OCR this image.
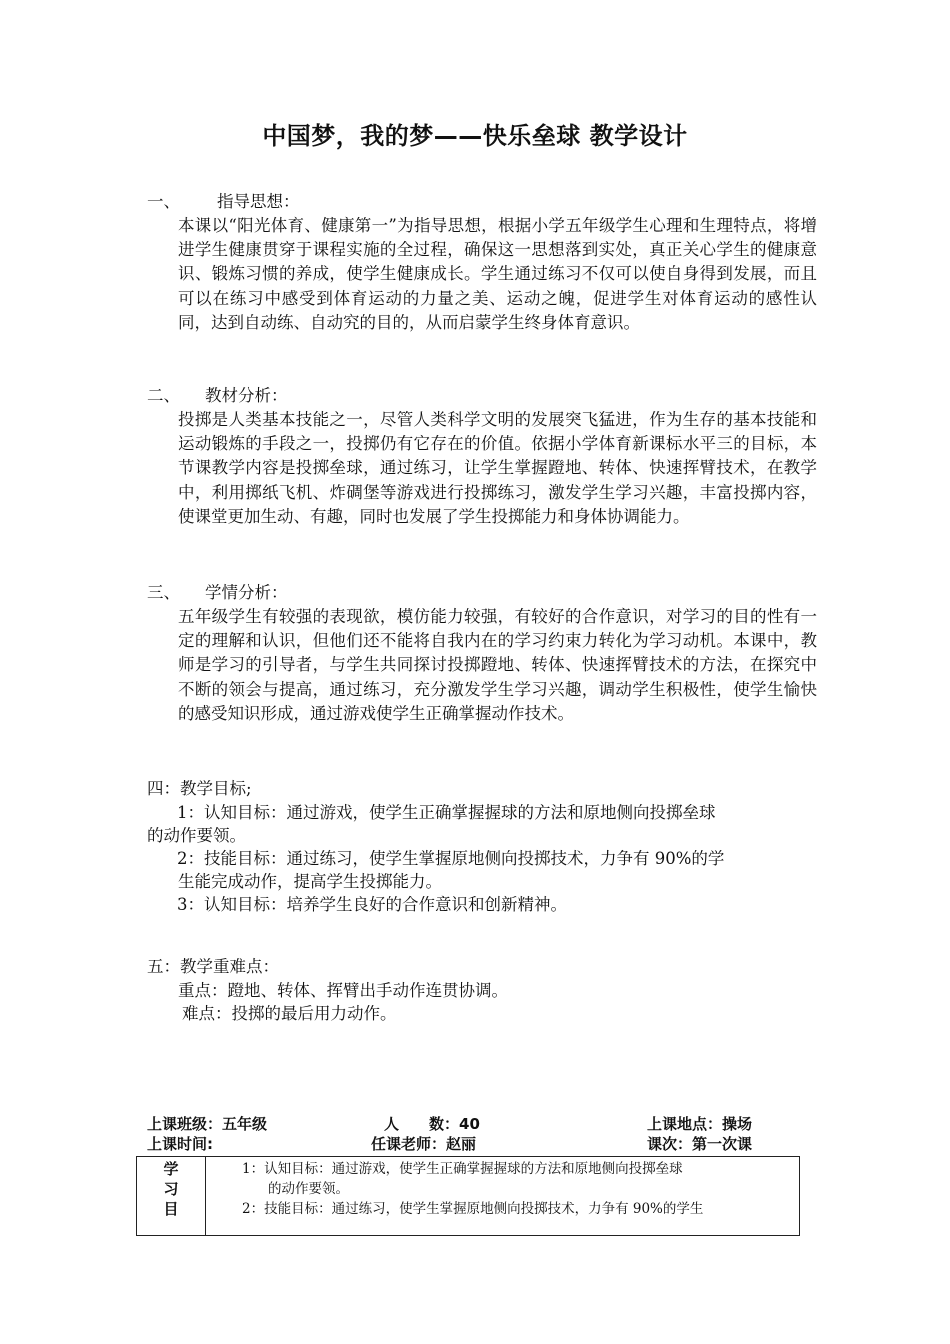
中国梦，我的梦——快乐垒球 教学设计
一、 指导思想：
本课以“阳光体育、健康第一”为指导思想，根据小学五年级学生心理和生理特点，将增进学生健康贯穿于课程实施的全过程，确保这一思想落到实处，真正关心学生的健康意识、锻炼习惯的养成，使学生健康成长。学生通过练习不仅可以使自身得到发展，而且可以在练习中感受到体育运动的力量之美、运动之魄，促进学生对体育运动的感性认同，达到自动练、自动究的目的，从而启蒙学生终身体育意识。
二、 教材分析：
投掷是人类基本技能之一，尽管人类科学文明的发展突飞猛进，作为生存的基本技能和运动锻炼的手段之一，投掷仍有它存在的价值。依据小学体育新课标水平三的目标，本节课教学内容是投掷垒球，通过练习，让学生掌握蹬地、转体、快速挥臂技术，在教学中，利用掷纸飞机、炸碉堡等游戏进行投掷练习，激发学生学习兴趣，丰富投掷内容，使课堂更加生动、有趣，同时也发展了学生投掷能力和身体协调能力。
三、 学情分析：
五年级学生有较强的表现欲，模仿能力较强，有较好的合作意识，对学习的目的性有一定的理解和认识，但他们还不能将自我内在的学习约束力转化为学习动机。本课中，教师是学习的引导者，与学生共同探讨投掷蹬地、转体、快速挥臂技术的方法，在探究中不断的领会与提高，通过练习，充分激发学生学习兴趣，调动学生积极性，使学生愉快的感受知识形成，通过游戏使学生正确掌握动作技术。
四：教学目标;
1：认知目标：通过游戏，使学生正确掌握握球的方法和原地侧向投掷垒球
的动作要领。
2：技能目标：通过练习，使学生掌握原地侧向投掷技术，力争有 90%的学
生能完成动作，提高学生投掷能力。
3：认知目标：培养学生良好的合作意识和创新精神。
五：教学重难点：
重点：蹬地、转体、挥臂出手动作连贯协调。
难点：投掷的最后用力动作。
上课班级：五年级	人　　数：40	上课地点：操场
上课时间:	任课老师：赵丽	课次：第一次课
学
习
目

1：认知目标：通过游戏，使学生正确掌握握球的方法和原地侧向投掷垒球
的动作要领。
2：技能目标：通过练习，使学生掌握原地侧向投掷技术，力争有 90%的学生
